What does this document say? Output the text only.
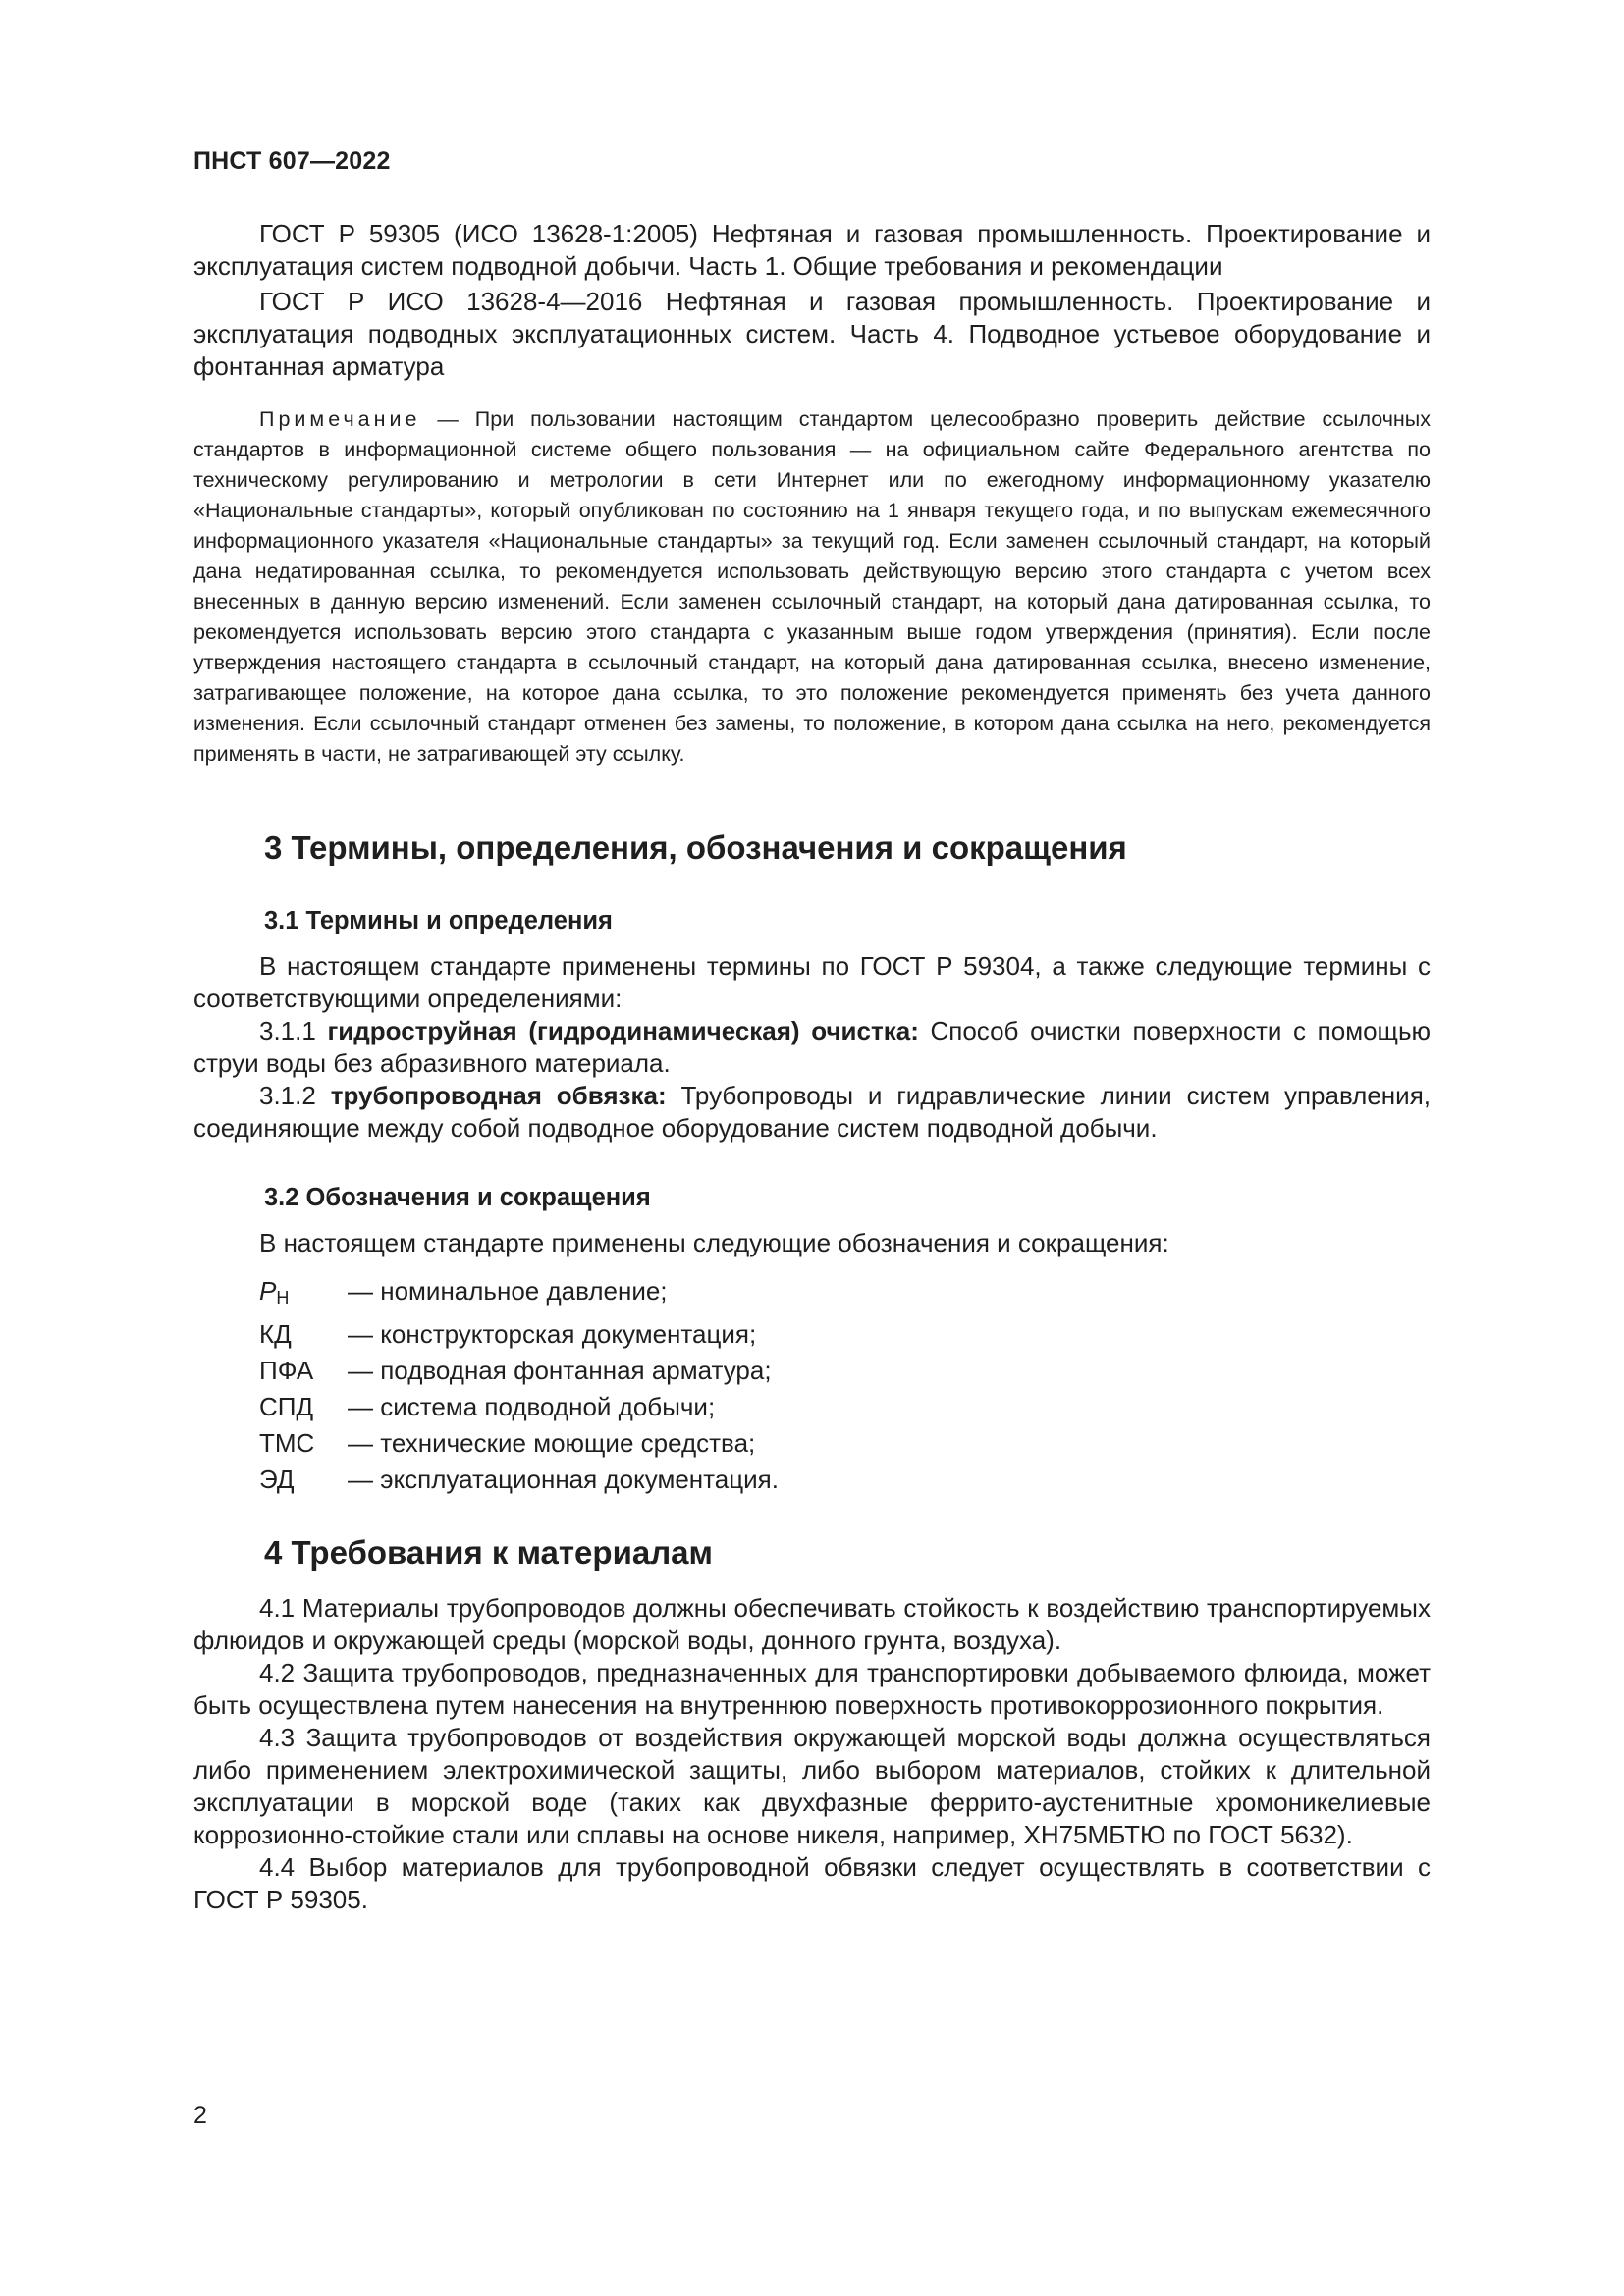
ПНСТ 607—2022

ГОСТ Р 59305 (ИСО 13628-1:2005) Нефтяная и газовая промышленность. Проектирование и эксплуатация систем подводной добычи. Часть 1. Общие требования и рекомендации

ГОСТ Р ИСО 13628-4—2016 Нефтяная и газовая промышленность. Проектирование и эксплуатация подводных эксплуатационных систем. Часть 4. Подводное устьевое оборудование и фонтанная арматура

Примечание — При пользовании настоящим стандартом целесообразно проверить действие ссылочных стандартов в информационной системе общего пользования — на официальном сайте Федерального агентства по техническому регулированию и метрологии в сети Интернет или по ежегодному информационному указателю «Национальные стандарты», который опубликован по состоянию на 1 января текущего года, и по выпускам ежемесячного информационного указателя «Национальные стандарты» за текущий год. Если заменен ссылочный стандарт, на который дана недатированная ссылка, то рекомендуется использовать действующую версию этого стандарта с учетом всех внесенных в данную версию изменений. Если заменен ссылочный стандарт, на который дана датированная ссылка, то рекомендуется использовать версию этого стандарта с указанным выше годом утверждения (принятия). Если после утверждения настоящего стандарта в ссылочный стандарт, на который дана датированная ссылка, внесено изменение, затрагивающее положение, на которое дана ссылка, то это положение рекомендуется применять без учета данного изменения. Если ссылочный стандарт отменен без замены, то положение, в котором дана ссылка на него, рекомендуется применять в части, не затрагивающей эту ссылку.

3 Термины, определения, обозначения и сокращения
3.1 Термины и определения

В настоящем стандарте применены термины по ГОСТ Р 59304, а также следующие термины с соответствующими определениями:

3.1.1 гидроструйная (гидродинамическая) очистка: Способ очистки поверхности с помощью струи воды без абразивного материала.

3.1.2 трубопроводная обвязка: Трубопроводы и гидравлические линии систем управления, соединяющие между собой подводное оборудование систем подводной добычи.

3.2 Обозначения и сокращения

В настоящем стандарте применены следующие обозначения и сокращения:

$P_Н$	— номинальное давление;
КД	— конструкторская документация;
ПФА	— подводная фонтанная арматура;
СПД	— система подводной добычи;
ТМС	— технические моющие средства;
ЭД	— эксплуатационная документация.
4 Требования к материалам

4.1 Материалы трубопроводов должны обеспечивать стойкость к воздействию транспортируемых флюидов и окружающей среды (морской воды, донного грунта, воздуха).

4.2 Защита трубопроводов, предназначенных для транспортировки добываемого флюида, может быть осуществлена путем нанесения на внутреннюю поверхность противокоррозионного покрытия.

4.3 Защита трубопроводов от воздействия окружающей морской воды должна осуществляться либо применением электрохимической защиты, либо выбором материалов, стойких к длительной эксплуатации в морской воде (таких как двухфазные феррито-аустенитные хромоникелиевые коррозионно-стойкие стали или сплавы на основе никеля, например, ХН75МБТЮ по ГОСТ 5632).

4.4 Выбор материалов для трубопроводной обвязки следует осуществлять в соответствии с ГОСТ Р 59305.

2
